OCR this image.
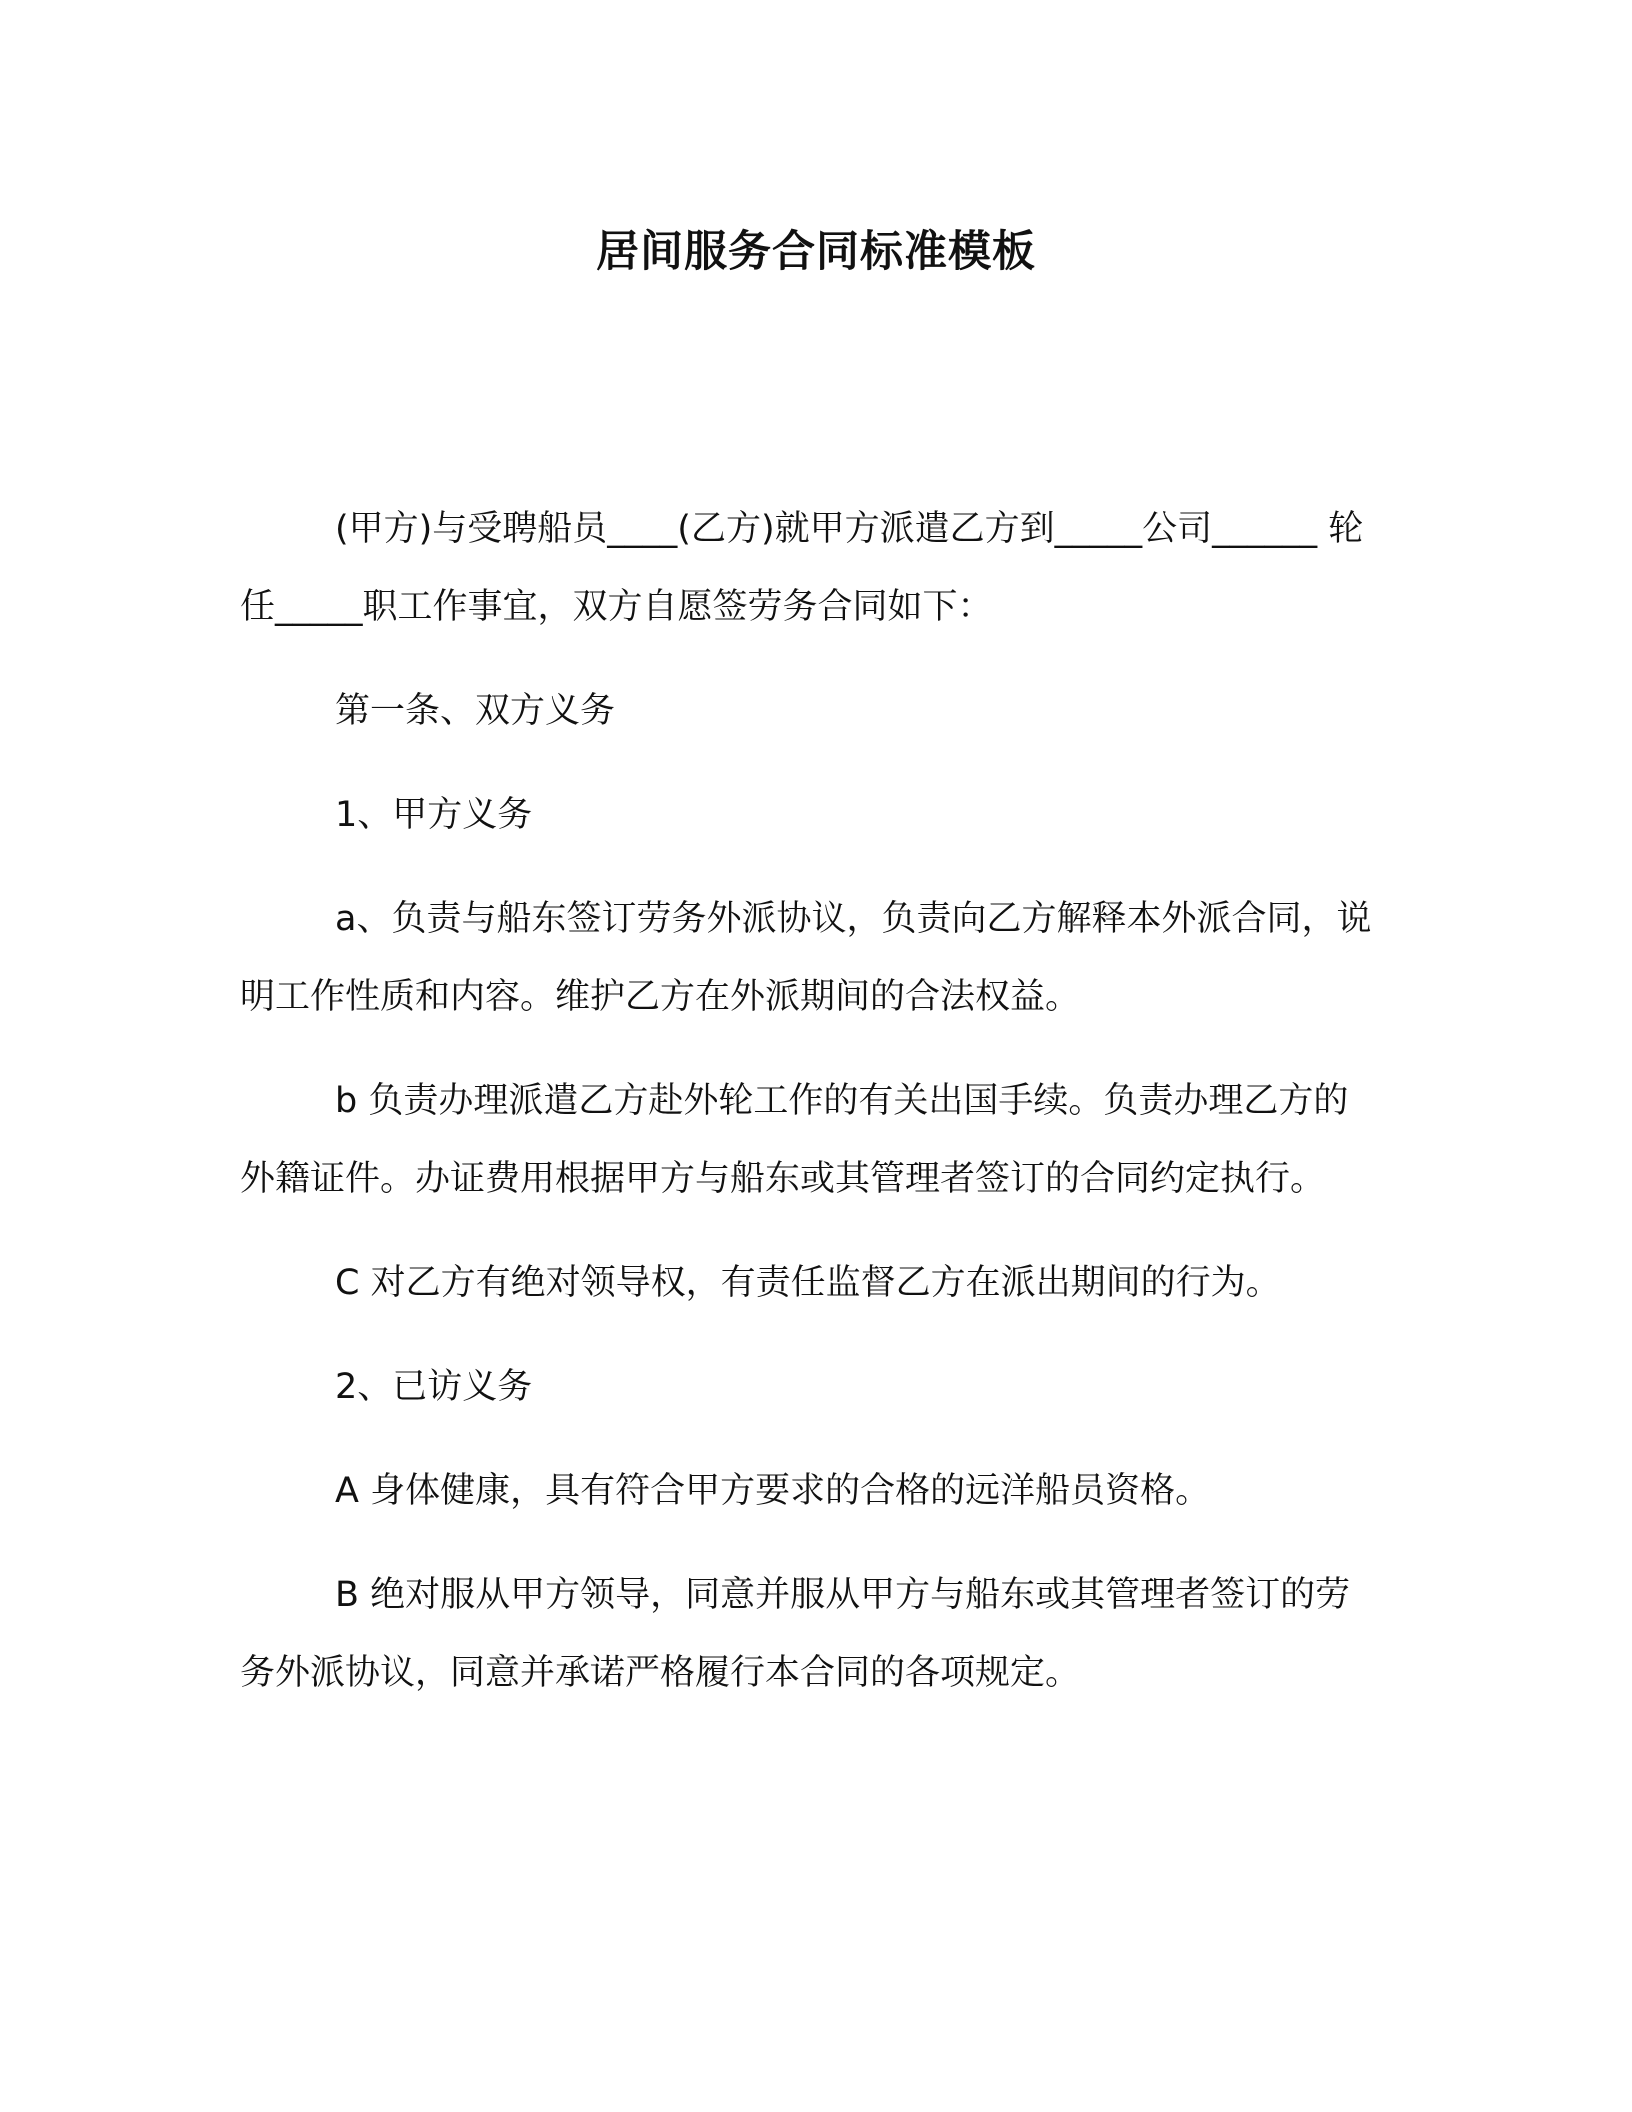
居间服务合同标准模板

(甲方)与受聘船员____(乙方)就甲方派遣乙方到_____公司______ 轮任_____职工作事宜，双方自愿签劳务合同如下：

第一条、双方义务

1、甲方义务

a、负责与船东签订劳务外派协议，负责向乙方解释本外派合同，说明工作性质和内容。维护乙方在外派期间的合法权益。

b 负责办理派遣乙方赴外轮工作的有关出国手续。负责办理乙方的外籍证件。办证费用根据甲方与船东或其管理者签订的合同约定执行。

C 对乙方有绝对领导权，有责任监督乙方在派出期间的行为。

2、已访义务

A 身体健康，具有符合甲方要求的合格的远洋船员资格。

B 绝对服从甲方领导，同意并服从甲方与船东或其管理者签订的劳务外派协议，同意并承诺严格履行本合同的各项规定。
